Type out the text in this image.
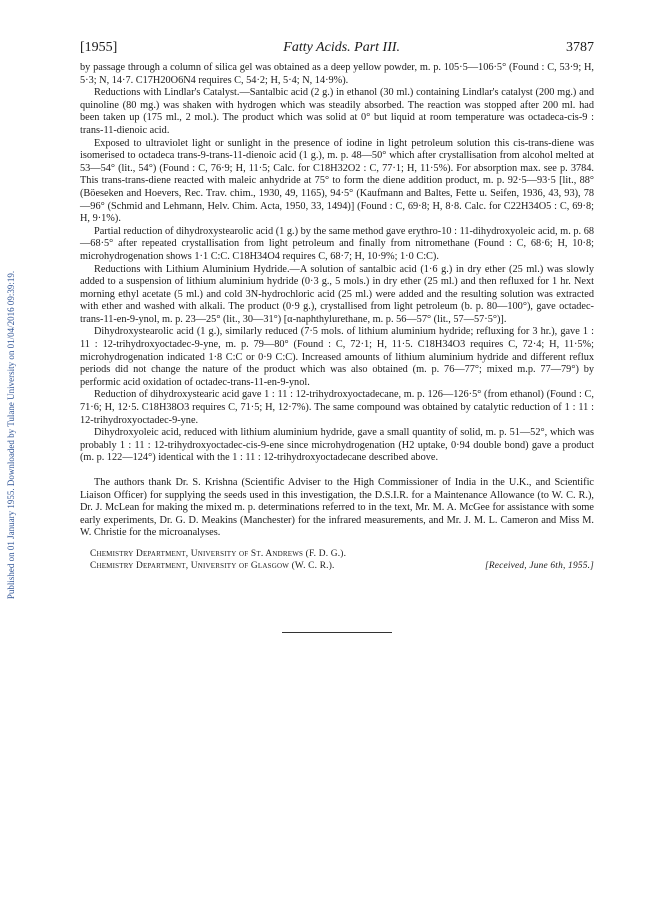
Published on 01 January 1955. Downloaded by Tulane University on 01/04/2016 09:39:19.
[1955]	Fatty Acids. Part III.	3787

by passage through a column of silica gel was obtained as a deep yellow powder, m. p. 105·5—106·5° (Found : C, 53·9; H, 5·3; N, 14·7. C17H20O6N4 requires C, 54·2; H, 5·4; N, 14·9%).

Reductions with Lindlar's Catalyst.—Santalbic acid (2 g.) in ethanol (30 ml.) containing Lindlar's catalyst (200 mg.) and quinoline (80 mg.) was shaken with hydrogen which was steadily absorbed. The reaction was stopped after 200 ml. had been taken up (175 ml., 2 mol.). The product which was solid at 0° but liquid at room temperature was octadeca-cis-9 : trans-11-dienoic acid.

Exposed to ultraviolet light or sunlight in the presence of iodine in light petroleum solution this cis-trans-diene was isomerised to octadeca trans-9-trans-11-dienoic acid (1 g.), m. p. 48—50° which after crystallisation from alcohol melted at 53—54° (lit., 54°) (Found : C, 76·9; H, 11·5; Calc. for C18H32O2 : C, 77·1; H, 11·5%). For absorption max. see p. 3784. This trans-trans-diene reacted with maleic anhydride at 75° to form the diene addition product, m. p. 92·5—93·5 [lit., 88° (Böeseken and Hoevers, Rec. Trav. chim., 1930, 49, 1165), 94·5° (Kaufmann and Baltes, Fette u. Seifen, 1936, 43, 93), 78—96° (Schmid and Lehmann, Helv. Chim. Acta, 1950, 33, 1494)] (Found : C, 69·8; H, 8·8. Calc. for C22H34O5 : C, 69·8; H, 9·1%).

Partial reduction of dihydroxystearolic acid (1 g.) by the same method gave erythro-10 : 11-dihydroxyoleic acid, m. p. 68—68·5° after repeated crystallisation from light petroleum and finally from nitromethane (Found : C, 68·6; H, 10·8; microhydrogenation shows 1·1 C:C. C18H34O4 requires C, 68·7; H, 10·9%; 1·0 C:C).

Reductions with Lithium Aluminium Hydride.—A solution of santalbic acid (1·6 g.) in dry ether (25 ml.) was slowly added to a suspension of lithium aluminium hydride (0·3 g., 5 mols.) in dry ether (25 ml.) and then refluxed for 1 hr. Next morning ethyl acetate (5 ml.) and cold 3N-hydrochloric acid (25 ml.) were added and the resulting solution was extracted with ether and washed with alkali. The product (0·9 g.), crystallised from light petroleum (b. p. 80—100°), gave octadec-trans-11-en-9-ynol, m. p. 23—25° (lit., 30—31°) [α-naphthylurethane, m. p. 56—57° (lit., 57—57·5°)].

Dihydroxystearolic acid (1 g.), similarly reduced (7·5 mols. of lithium aluminium hydride; refluxing for 3 hr.), gave 1 : 11 : 12-trihydroxyoctadec-9-yne, m. p. 79—80° (Found : C, 72·1; H, 11·5. C18H34O3 requires C, 72·4; H, 11·5%; microhydrogenation indicated 1·8 C:C or 0·9 C:C). Increased amounts of lithium aluminium hydride and different reflux periods did not change the nature of the product which was also obtained (m. p. 76—77°; mixed m.p. 77—79°) by performic acid oxidation of octadec-trans-11-en-9-ynol.

Reduction of dihydroxystearic acid gave 1 : 11 : 12-trihydroxyoctadecane, m. p. 126—126·5° (from ethanol) (Found : C, 71·6; H, 12·5. C18H38O3 requires C, 71·5; H, 12·7%). The same compound was obtained by catalytic reduction of 1 : 11 : 12-trihydroxyoctadec-9-yne.

Dihydroxyoleic acid, reduced with lithium aluminium hydride, gave a small quantity of solid, m. p. 51—52°, which was probably 1 : 11 : 12-trihydroxyoctadec-cis-9-ene since microhydrogenation (H2 uptake, 0·94 double bond) gave a product (m. p. 122—124°) identical with the 1 : 11 : 12-trihydroxyoctadecane described above.

The authors thank Dr. S. Krishna (Scientific Adviser to the High Commissioner of India in the U.K., and Scientific Liaison Officer) for supplying the seeds used in this investigation, the D.S.I.R. for a Maintenance Allowance (to W. C. R.), Dr. J. McLean for making the mixed m. p. determinations referred to in the text, Mr. M. A. McGee for assistance with some early experiments, Dr. G. D. Meakins (Manchester) for the infrared measurements, and Mr. J. M. L. Cameron and Miss M. W. Christie for the microanalyses.

Chemistry Department, University of St. Andrews (F. D. G.).
Chemistry Department, University of Glasgow (W. C. R.).	[Received, June 6th, 1955.]
